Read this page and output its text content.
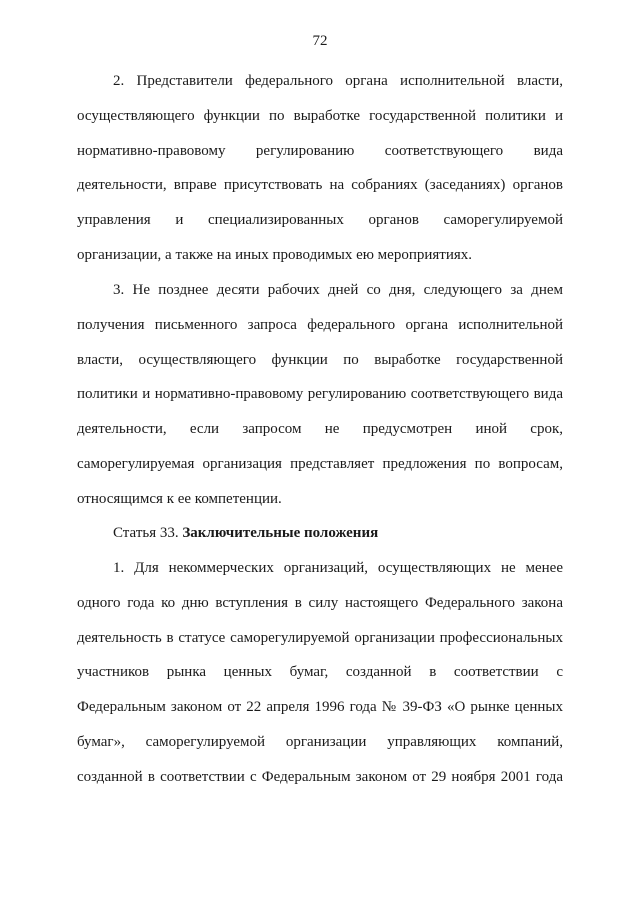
72
2. Представители федерального органа исполнительной власти,
осуществляющего функции по выработке государственной политики и
нормативно-правовому регулированию соответствующего вида
деятельности, вправе присутствовать на собраниях (заседаниях) органов
управления и специализированных органов саморегулируемой
организации, а также на иных проводимых ею мероприятиях.
3. Не позднее десяти рабочих дней со дня, следующего за днем
получения письменного запроса федерального органа исполнительной
власти, осуществляющего функции по выработке государственной
политики и нормативно-правовому регулированию соответствующего вида
деятельности, если запросом не предусмотрен иной срок,
саморегулируемая организация представляет предложения по вопросам,
относящимся к ее компетенции.
Статья 33. Заключительные положения
1. Для некоммерческих организаций, осуществляющих не менее
одного года ко дню вступления в силу настоящего Федерального закона
деятельность в статусе саморегулируемой организации профессиональных
участников рынка ценных бумаг, созданной в соответствии с
Федеральным законом от 22 апреля 1996 года № 39-ФЗ «О рынке ценных
бумаг», саморегулируемой организации управляющих компаний,
созданной в соответствии с Федеральным законом от 29 ноября 2001 года
